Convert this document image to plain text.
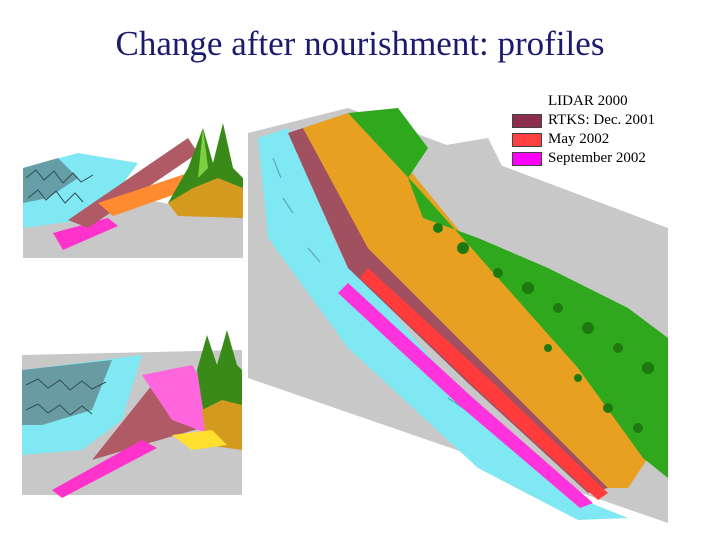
Change after nourishment: profiles
LIDAR 2000
RTKS: Dec. 2001
May 2002
September 2002
